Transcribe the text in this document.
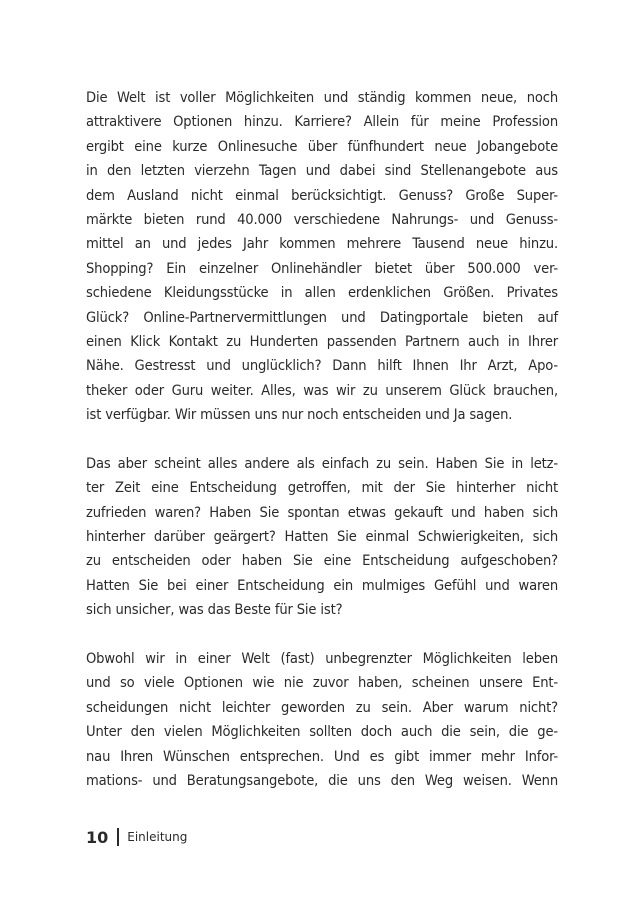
Die Welt ist voller Möglichkeiten und ständig kommen neue, noch
attraktivere Optionen hinzu. Karriere? Allein für meine Profession
ergibt eine kurze Onlinesuche über fünfhundert neue Jobangebote
in den letzten vierzehn Tagen und dabei sind Stellenangebote aus
dem Ausland nicht einmal berücksichtigt. Genuss? Große Super-
märkte bieten rund 40.000 verschiedene Nahrungs- und Genuss-
mittel an und jedes Jahr kommen mehrere Tausend neue hinzu.
Shopping? Ein einzelner Onlinehändler bietet über 500.000 ver-
schiedene Kleidungsstücke in allen erdenklichen Größen. Privates
Glück? Online-Partnervermittlungen und Datingportale bieten auf
einen Klick Kontakt zu Hunderten passenden Partnern auch in Ihrer
Nähe. Gestresst und unglücklich? Dann hilft Ihnen Ihr Arzt, Apo-
theker oder Guru weiter. Alles, was wir zu unserem Glück brauchen,
ist verfügbar. Wir müssen uns nur noch entscheiden und Ja sagen.
Das aber scheint alles andere als einfach zu sein. Haben Sie in letz-
ter Zeit eine Entscheidung getroffen, mit der Sie hinterher nicht
zufrieden waren? Haben Sie spontan etwas gekauft und haben sich
hinterher darüber geärgert? Hatten Sie einmal Schwierigkeiten, sich
zu entscheiden oder haben Sie eine Entscheidung aufgeschoben?
Hatten Sie bei einer Entscheidung ein mulmiges Gefühl und waren
sich unsicher, was das Beste für Sie ist?
Obwohl wir in einer Welt (fast) unbegrenzter Möglichkeiten leben
und so viele Optionen wie nie zuvor haben, scheinen unsere Ent-
scheidungen nicht leichter geworden zu sein. Aber warum nicht?
Unter den vielen Möglichkeiten sollten doch auch die sein, die ge-
nau Ihren Wünschen entsprechen. Und es gibt immer mehr Infor-
mations- und Beratungsangebote, die uns den Weg weisen. Wenn
10 Einleitung
